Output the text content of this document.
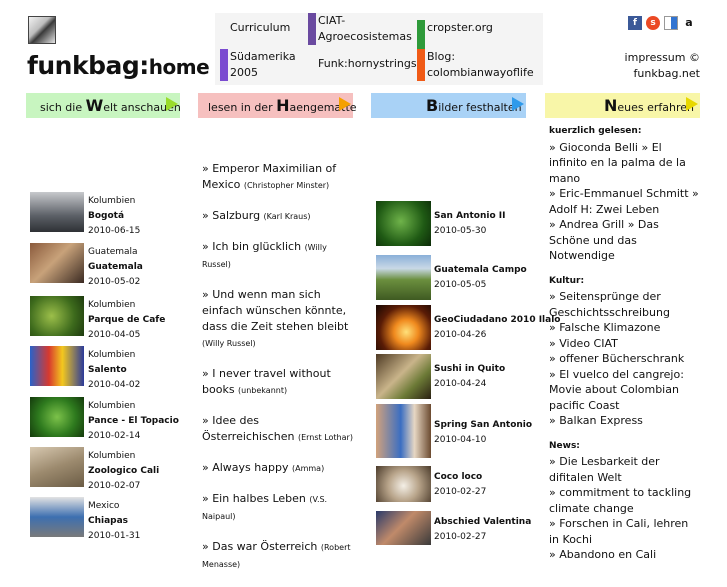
funkbag:home
Curriculum
CIAT-Agroecosistemas
cropster.org
Südamerika 2005
Funk:hornystrings
Blog: colombianwayoflife
f	s	a
impressum ©
funkbag.net
sich die Welt anschauen	lesen in der Haengematte	Bilder festhalten	Neues erfahren
Kolumbien
Bogotá
2010-06-15
Guatemala
Guatemala
2010-05-02
Kolumbien
Parque de Cafe
2010-04-05
Kolumbien
Salento
2010-04-02
Kolumbien
Pance - El Topacio
2010-02-14
Kolumbien
Zoologico Cali
2010-02-07
Mexico
Chiapas
2010-01-31
» Emperor Maximilian of Mexico (Christopher Minster)
» Salzburg (Karl Kraus)
» Ich bin glücklich (Willy Russel)
» Und wenn man sich einfach wünschen könnte, dass die Zeit stehen bleibt (Willy Russel)
» I never travel without books (unbekannt)
» Idee des Österreichischen (Ernst Lothar)
» Always happy (Amma)
» Ein halbes Leben (V.S. Naipaul)
» Das war Österreich (Robert Menasse)
San Antonio II
2010-05-30
Guatemala Campo
2010-05-05
GeoCiudadano 2010 Ilalo
2010-04-26
Sushi in Quito
2010-04-24
Spring San Antonio
2010-04-10
Coco loco
2010-02-27
Abschied Valentina
2010-02-27
kuerzlich gelesen:
» Gioconda Belli » El infinito en la palma de la mano
» Eric-Emmanuel Schmitt » Adolf H: Zwei Leben
» Andrea Grill » Das Schöne und das Notwendige
Kultur:
» Seitensprünge der Geschichtsschreibung
» Falsche Klimazone
» Video CIAT
» offener Bücherschrank
» El vuelco del cangrejo: Movie about Colombian pacific Coast
» Balkan Express
News:
» Die Lesbarkeit der difitalen Welt
» commitment to tackling climate change
» Forschen in Cali, lehren in Kochi
» Abandono en Cali
